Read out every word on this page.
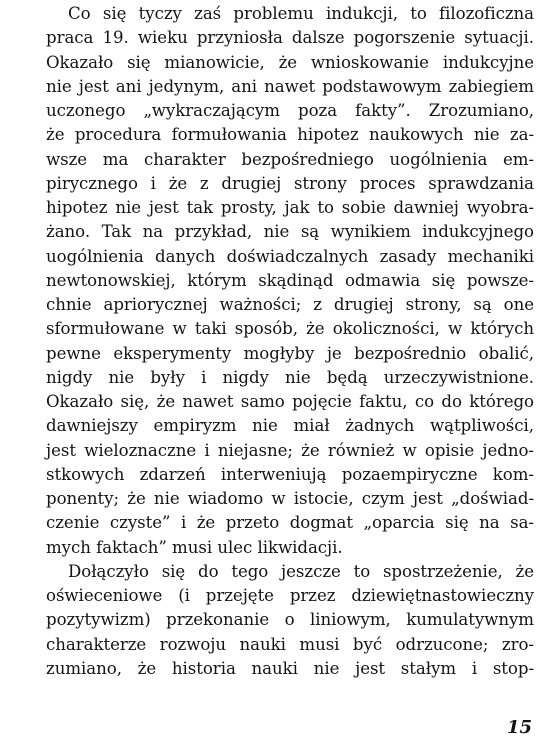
Co się tyczy zaś problemu indukcji, to filozoficzna
praca 19. wieku przyniosła dalsze pogorszenie sytuacji.
Okazało się mianowicie, że wnioskowanie indukcyjne
nie jest ani jedynym, ani nawet podstawowym zabiegiem
uczonego „wykraczającym poza fakty”. Zrozumiano,
że procedura formułowania hipotez naukowych nie za-
wsze ma charakter bezpośredniego uogólnienia em-
pirycznego i że z drugiej strony proces sprawdzania
hipotez nie jest tak prosty, jak to sobie dawniej wyobra-
żano. Tak na przykład, nie są wynikiem indukcyjnego
uogólnienia danych doświadczalnych zasady mechaniki
newtonowskiej, którym skądinąd odmawia się powsze-
chnie apriorycznej ważności; z drugiej strony, są one
sformułowane w taki sposób, że okoliczności, w których
pewne eksperymenty mogłyby je bezpośrednio obalić,
nigdy nie były i nigdy nie będą urzeczywistnione.
Okazało się, że nawet samo pojęcie faktu, co do którego
dawniejszy empiryzm nie miał żadnych wątpliwości,
jest wieloznaczne i niejasne; że również w opisie jedno-
stkowych zdarzeń interweniują pozaempiryczne kom-
ponenty; że nie wiadomo w istocie, czym jest „doświad-
czenie czyste” i że przeto dogmat „oparcia się na sa-
mych faktach” musi ulec likwidacji.
Dołączyło się do tego jeszcze to spostrzeżenie, że
oświeceniowe (i przejęte przez dziewiętnastowieczny
pozytywizm) przekonanie o liniowym, kumulatywnym
charakterze rozwoju nauki musi być odrzucone; zro-
zumiano, że historia nauki nie jest stałym i stop-
15
